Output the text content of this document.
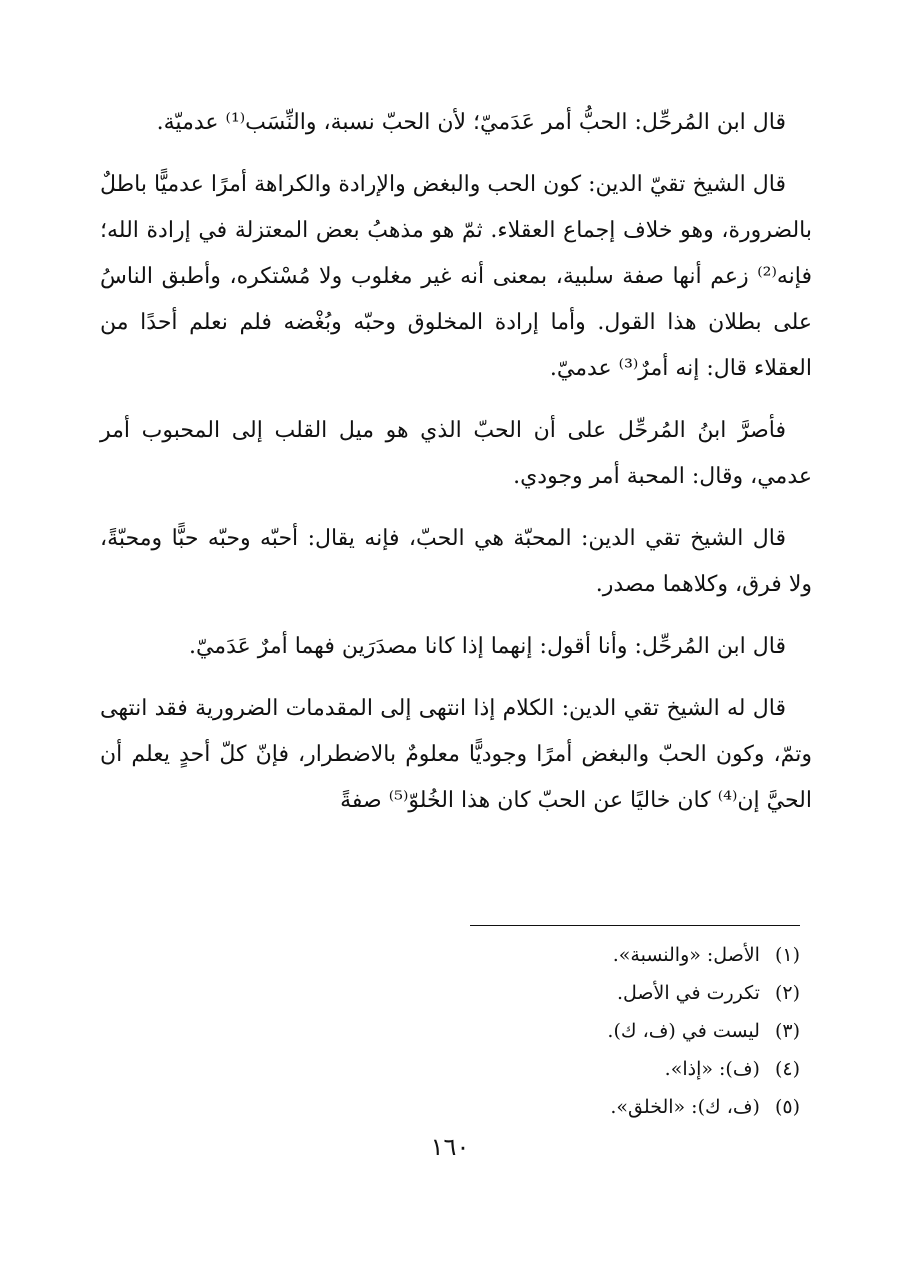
قال ابن المُرحِّل: الحبُّ أمر عَدَميّ؛ لأن الحبّ نسبة، والنِّسَب⁽¹⁾ عدميّة.

قال الشيخ تقيّ الدين: كون الحب والبغض والإرادة والكراهة أمرًا عدميًّا باطلٌ بالضرورة، وهو خلاف إجماع العقلاء. ثمّ هو مذهبُ بعض المعتزلة في إرادة الله؛ فإنه⁽²⁾ زعم أنها صفة سلبية، بمعنى أنه غير مغلوب ولا مُسْتكره، وأطبق الناسُ على بطلان هذا القول. وأما إرادة المخلوق وحبّه وبُغْضه فلم نعلم أحدًا من العقلاء قال: إنه أمرٌ⁽³⁾ عدميّ.

فأصرَّ ابنُ المُرحِّل على أن الحبّ الذي هو ميل القلب إلى المحبوب أمر عدمي، وقال: المحبة أمر وجودي.

قال الشيخ تقي الدين: المحبّة هي الحبّ، فإنه يقال: أحبّه وحبّه حبًّا ومحبّةً، ولا فرق، وكلاهما مصدر.

قال ابن المُرحِّل: وأنا أقول: إنهما إذا كانا مصدَرَين فهما أمرٌ عَدَميّ.

قال له الشيخ تقي الدين: الكلام إذا انتهى إلى المقدمات الضرورية فقد انتهى وتمّ، وكون الحبّ والبغض أمرًا وجوديًّا معلومٌ بالاضطرار، فإنّ كلّ أحدٍ يعلم أن الحيَّ إن⁽⁴⁾ كان خاليًا عن الحبّ كان هذا الخُلوّ⁽⁵⁾ صفةً

(١) الأصل: «والنسبة».
(٢) تكررت في الأصل.
(٣) ليست في (ف، ك).
(٤) (ف): «إذا».
(٥) (ف، ك): «الخلق».
١٦٠
